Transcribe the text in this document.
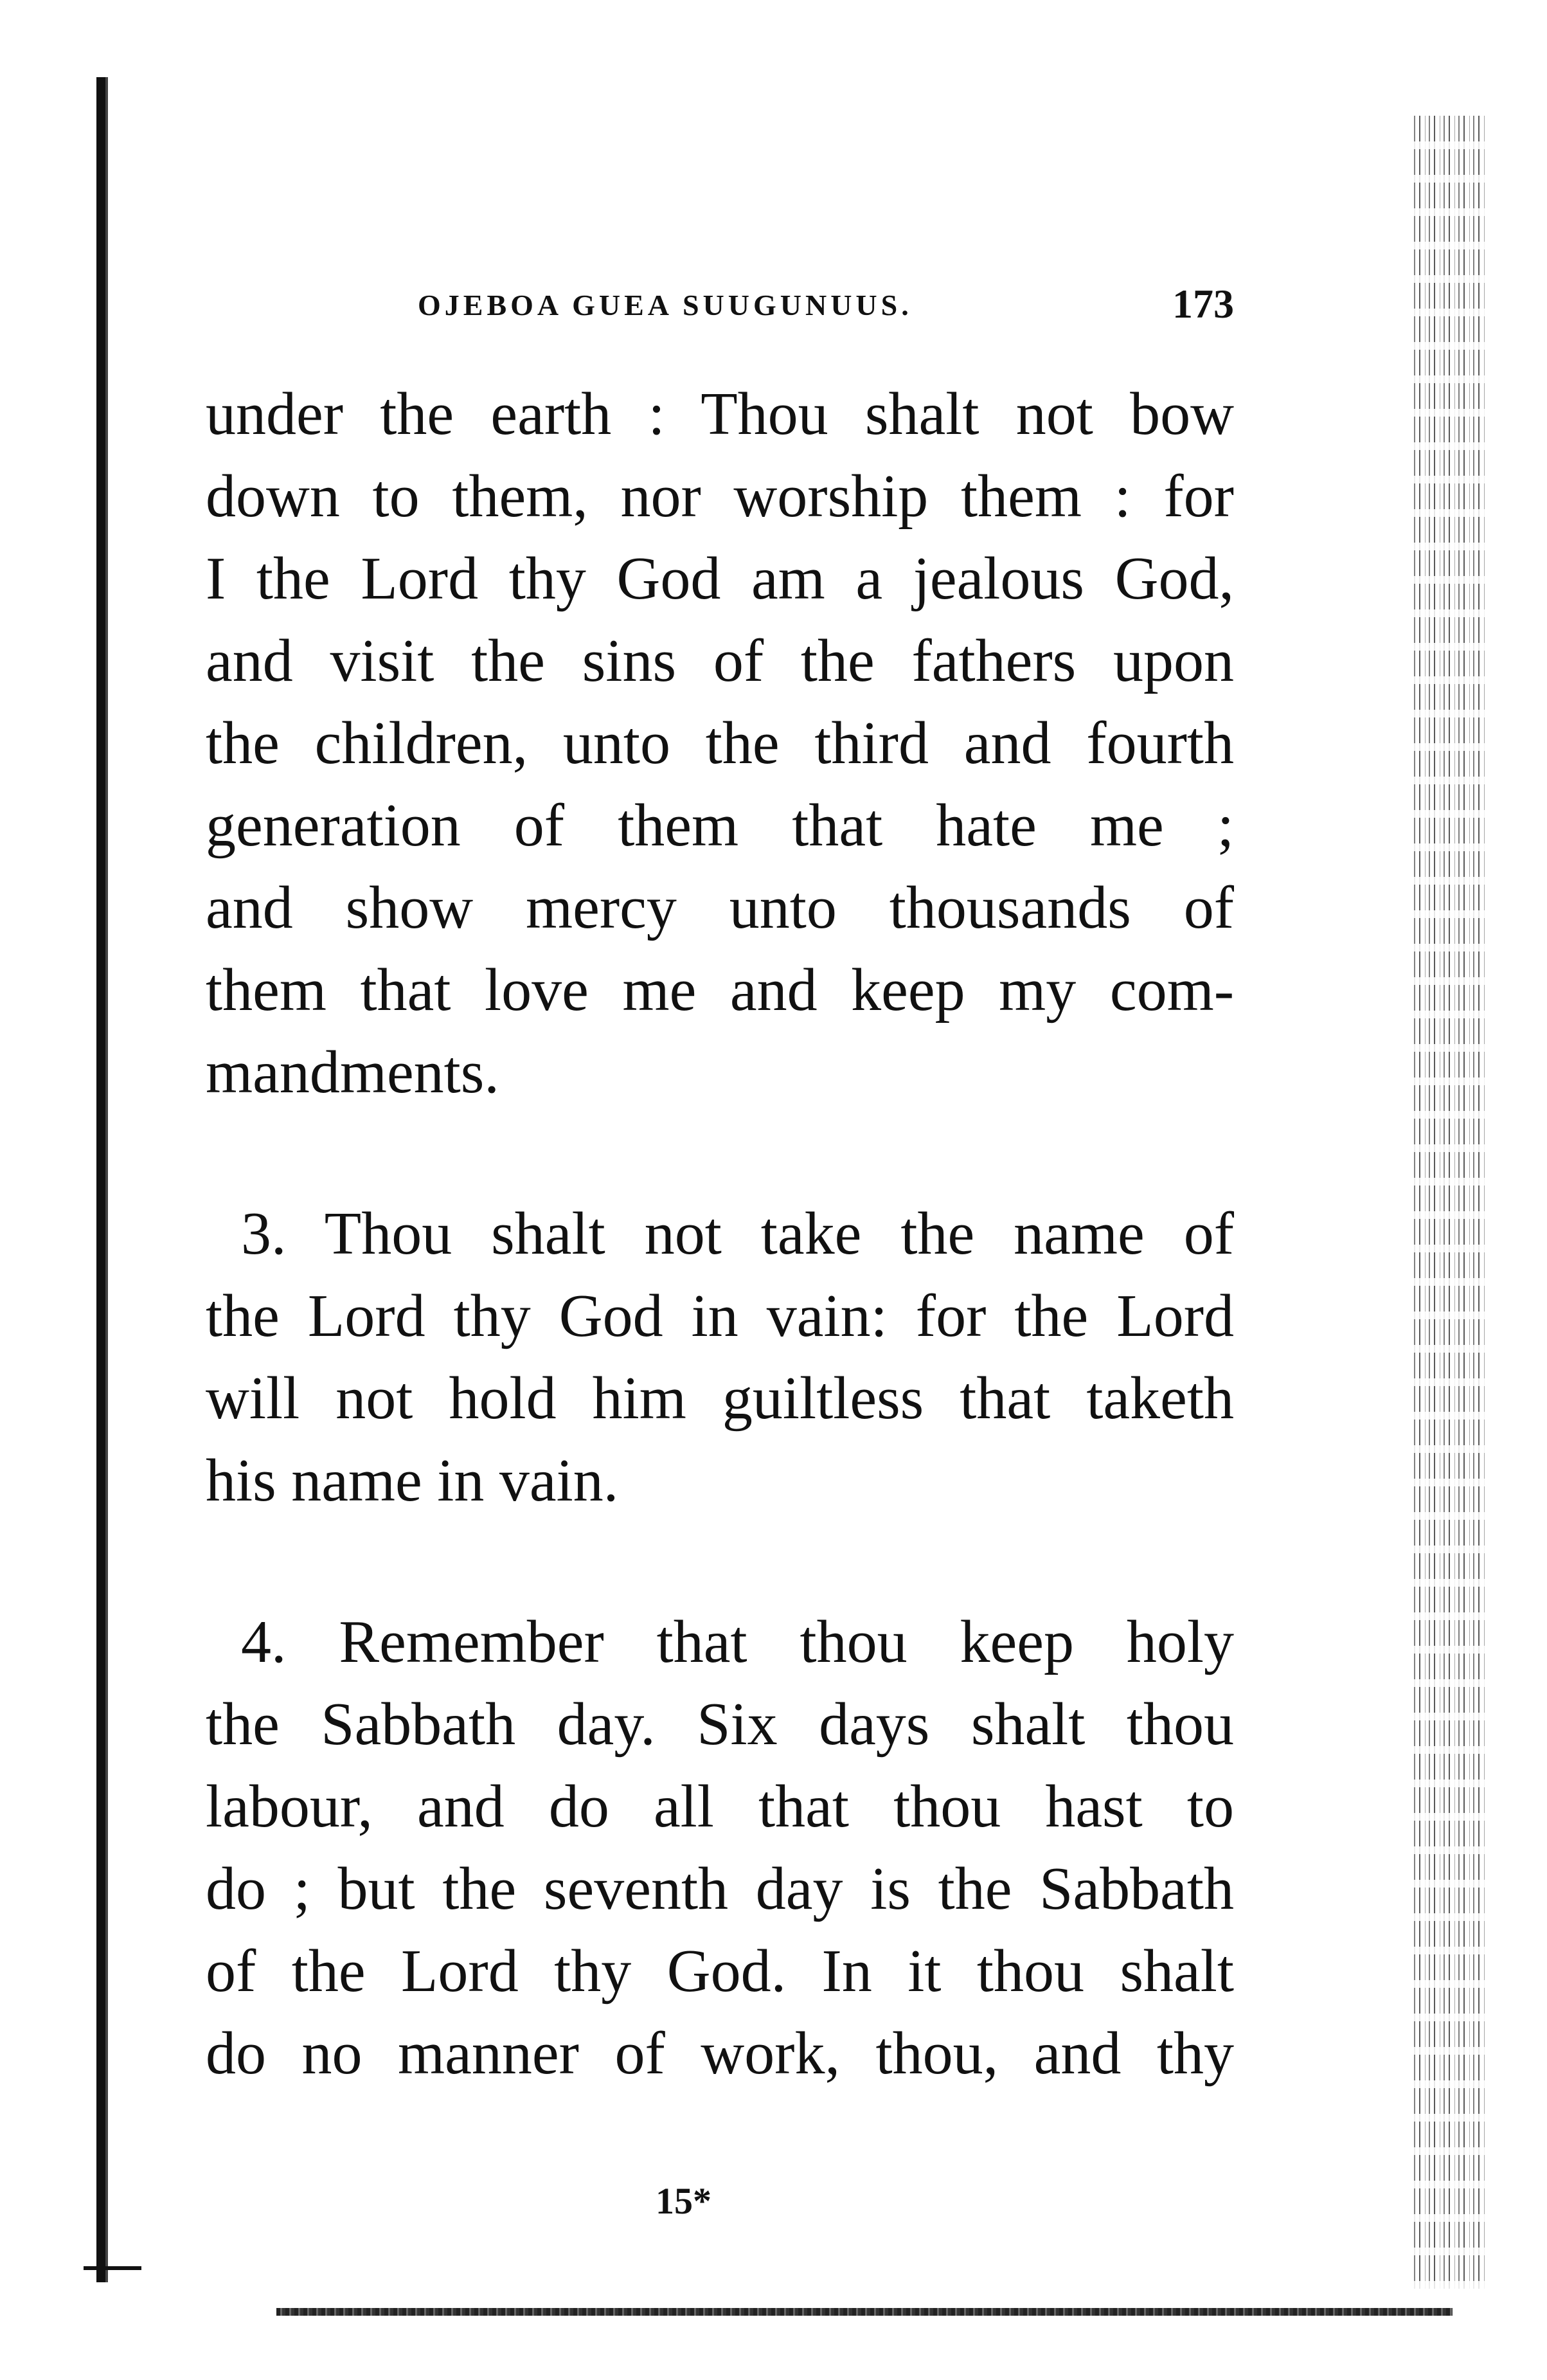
OJEBOA GUEA SUUGUNUUS.	173
under the earth : Thou shalt not bow
down to them, nor worship them : for
I the Lord thy God am a jealous God,
and visit the sins of the fathers upon
the children, unto the third and fourth
generation of them that hate me ;
and show mercy unto thousands of
them that love me and keep my com-
mandments.
3. Thou shalt not take the name of
the Lord thy God in vain: for the Lord
will not hold him guiltless that taketh
his name in vain.
4. Remember that thou keep holy
the Sabbath day. Six days shalt thou
labour, and do all that thou hast to
do ; but the seventh day is the Sabbath
of the Lord thy God. In it thou shalt
do no manner of work, thou, and thy
15*
